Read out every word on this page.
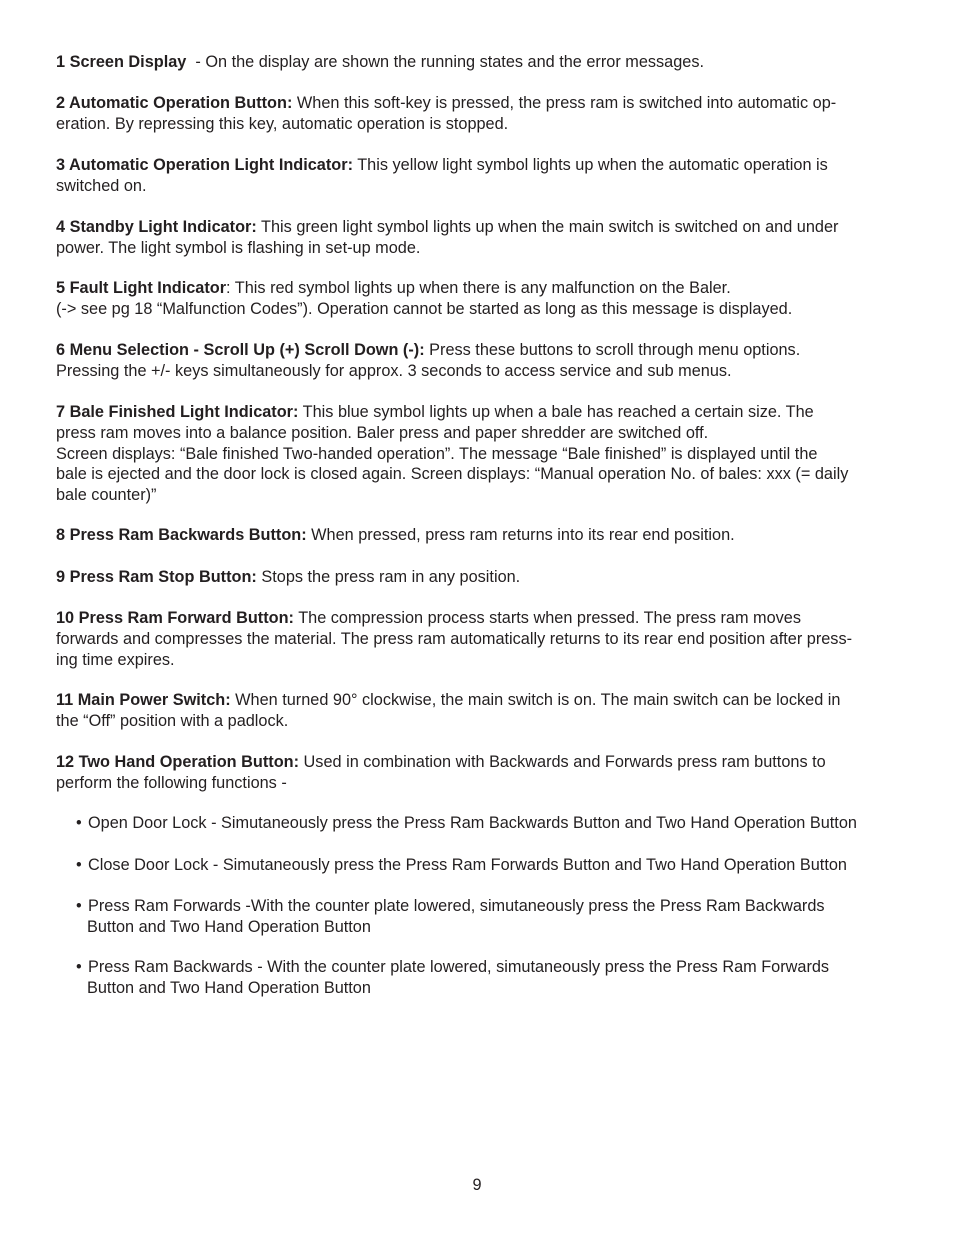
1 Screen Display - On the display are shown the running states and the error messages.

2 Automatic Operation Button: When this soft-key is pressed, the press ram is switched into automatic op-
eration. By repressing this key, automatic operation is stopped.

3 Automatic Operation Light Indicator: This yellow light symbol lights up when the automatic operation is
switched on.

4 Standby Light Indicator: This green light symbol lights up when the main switch is switched on and under
power. The light symbol is flashing in set-up mode.

5 Fault Light Indicator: This red symbol lights up when there is any malfunction on the Baler.
(-> see pg 18 “Malfunction Codes”). Operation cannot be started as long as this message is displayed.

6 Menu Selection - Scroll Up (+) Scroll Down (-): Press these buttons to scroll through menu options.
Pressing the +/- keys simultaneously for approx. 3 seconds to access service and sub menus.

7 Bale Finished Light Indicator: This blue symbol lights up when a bale has reached a certain size. The
press ram moves into a balance position. Baler press and paper shredder are switched off.
Screen displays: “Bale finished Two-handed operation”. The message “Bale finished” is displayed until the
bale is ejected and the door lock is closed again. Screen displays: “Manual operation No. of bales: xxx (= daily
bale counter)”

8 Press Ram Backwards Button: When pressed, press ram returns into its rear end position.

9 Press Ram Stop Button: Stops the press ram in any position.

10 Press Ram Forward Button: The compression process starts when pressed. The press ram moves
forwards and compresses the material. The press ram automatically returns to its rear end position after press-
ing time expires.

11 Main Power Switch: When turned 90° clockwise, the main switch is on. The main switch can be locked in
the “Off” position with a padlock.

12 Two Hand Operation Button: Used in combination with Backwards and Forwards press ram buttons to
perform the following functions -

• Open Door Lock - Simutaneously press the Press Ram Backwards Button and Two Hand Operation Button

• Close Door Lock - Simutaneously press the Press Ram Forwards Button and Two Hand Operation Button

• Press Ram Forwards -With the counter plate lowered, simutaneously press the Press Ram Backwards
Button and Two Hand Operation Button

• Press Ram Backwards - With the counter plate lowered, simutaneously press the Press Ram Forwards
Button and Two Hand Operation Button

9
